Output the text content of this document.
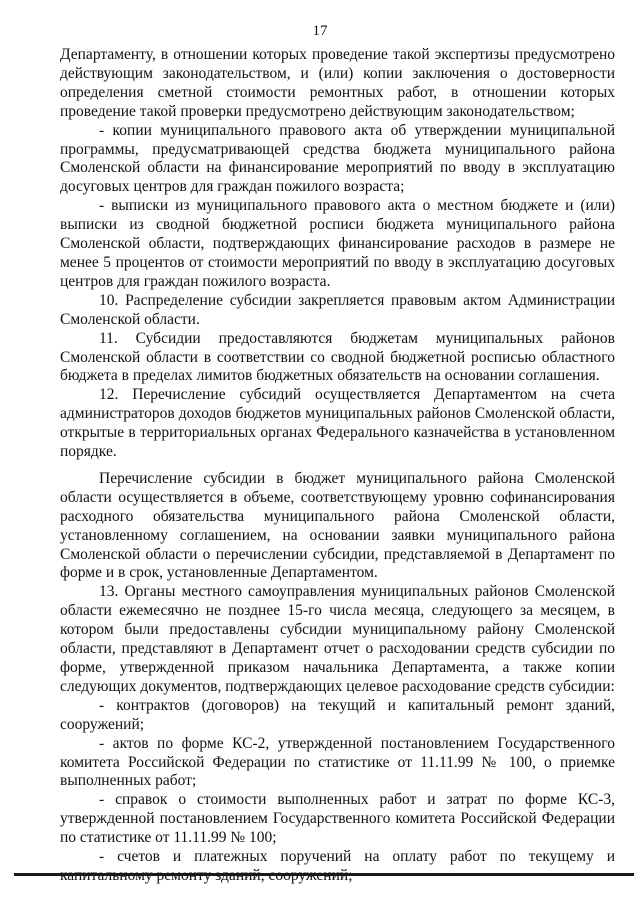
17

Департаменту, в отношении которых проведение такой экспертизы предусмотрено действующим законодательством, и (или) копии заключения о достоверности определения сметной стоимости ремонтных работ, в отношении которых проведение такой проверки предусмотрено действующим законодательством;

- копии муниципального правового акта об утверждении муниципальной программы, предусматривающей средства бюджета муниципального района Смоленской области на финансирование мероприятий по вводу в эксплуатацию досуговых центров для граждан пожилого возраста;

- выписки из муниципального правового акта о местном бюджете и (или) выписки из сводной бюджетной росписи бюджета муниципального района Смоленской области, подтверждающих финансирование расходов в размере не менее 5 процентов от стоимости мероприятий по вводу в эксплуатацию досуговых центров для граждан пожилого возраста.

10. Распределение субсидии закрепляется правовым актом Администрации Смоленской области.

11. Субсидии предоставляются бюджетам муниципальных районов Смоленской области в соответствии со сводной бюджетной росписью областного бюджета в пределах лимитов бюджетных обязательств на основании соглашения.

12. Перечисление субсидий осуществляется Департаментом на счета администраторов доходов бюджетов муниципальных районов Смоленской области, открытые в территориальных органах Федерального казначейства в установленном порядке.

Перечисление субсидии в бюджет муниципального района Смоленской области осуществляется в объеме, соответствующему уровню софинансирования расходного обязательства муниципального района Смоленской области, установленному соглашением, на основании заявки муниципального района Смоленской области о перечислении субсидии, представляемой в Департамент по форме и в срок, установленные Департаментом.

13. Органы местного самоуправления муниципальных районов Смоленской области ежемесячно не позднее 15-го числа месяца, следующего за месяцем, в котором были предоставлены субсидии муниципальному району Смоленской области, представляют в Департамент отчет о расходовании средств субсидии по форме, утвержденной приказом начальника Департамента, а также копии следующих документов, подтверждающих целевое расходование средств субсидии:

- контрактов (договоров) на текущий и капитальный ремонт зданий, сооружений;

- актов по форме КС-2, утвержденной постановлением Государственного комитета Российской Федерации по статистике от 11.11.99 № 100, о приемке выполненных работ;

- справок о стоимости выполненных работ и затрат по форме КС-3, утвержденной постановлением Государственного комитета Российской Федерации по статистике от 11.11.99 № 100;

- счетов и платежных поручений на оплату работ по текущему и
